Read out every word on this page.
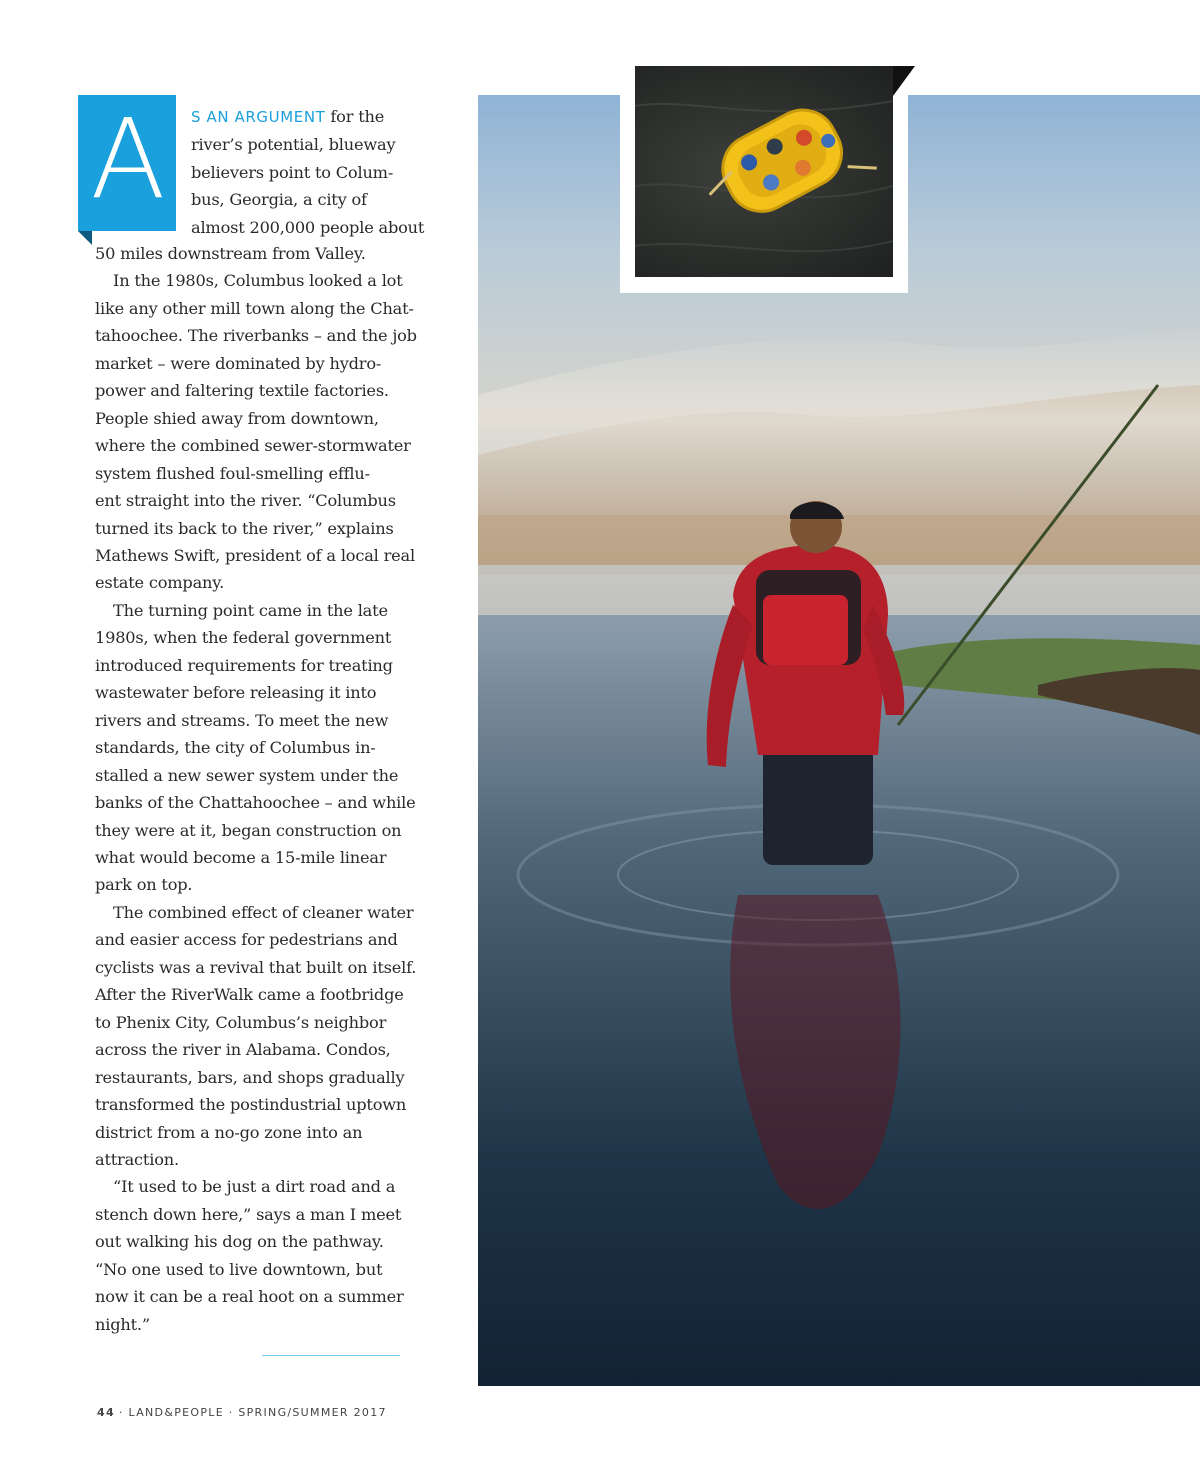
A	S AN ARGUMENT for the
river’s potential, blueway
believers point to Colum-
bus, Georgia, a city of
almost 200,000 people about
50 miles downstream from Valley.
In the 1980s, Columbus looked a lot
like any other mill town along the Chat-
tahoochee. The riverbanks – and the job
market – were dominated by hydro-
power and faltering textile factories.
People shied away from downtown,
where the combined sewer-stormwater
system flushed foul-smelling efflu-
ent straight into the river. “Columbus
turned its back to the river,” explains
Mathews Swift, president of a local real
estate company.
The turning point came in the late
1980s, when the federal government
introduced requirements for treating
wastewater before releasing it into
rivers and streams. To meet the new
standards, the city of Columbus in-
stalled a new sewer system under the
banks of the Chattahoochee – and while
they were at it, began construction on
what would become a 15-mile linear
park on top.
The combined effect of cleaner water
and easier access for pedestrians and
cyclists was a revival that built on itself.
After the RiverWalk came a footbridge
to Phenix City, Columbus’s neighbor
across the river in Alabama. Condos,
restaurants, bars, and shops gradually
transformed the postindustrial uptown
district from a no-go zone into an
attraction.
“It used to be just a dirt road and a
stench down here,” says a man I meet
out walking his dog on the pathway.
“No one used to live downtown, but
now it can be a real hoot on a summer
night.”
44 · LAND&PEOPLE · SPRING/SUMMER 2017
